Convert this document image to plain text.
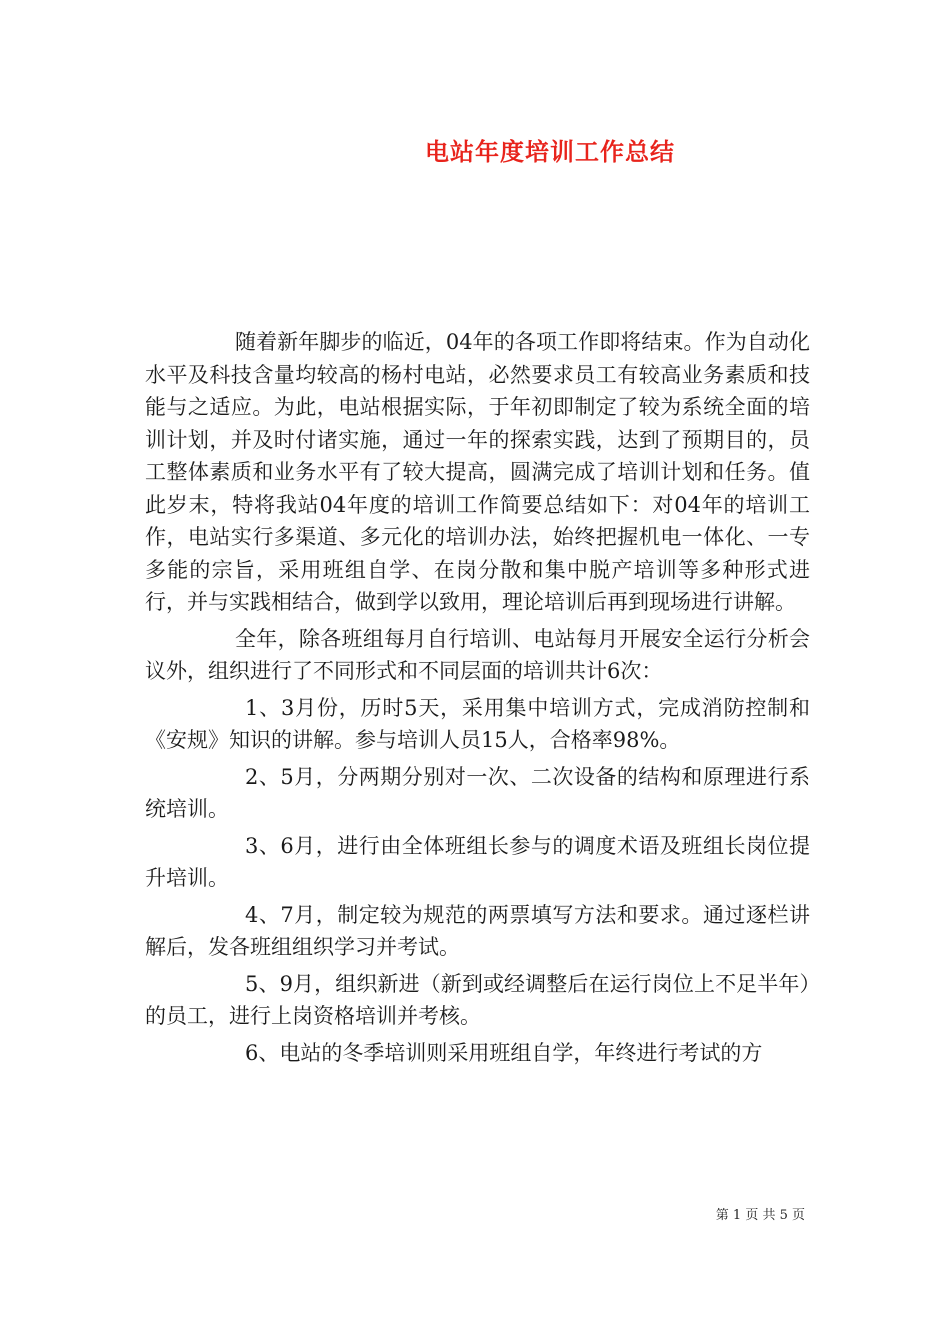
电站年度培训工作总结

随着新年脚步的临近，04年的各项工作即将结束。作为自动化水平及科技含量均较高的杨村电站，必然要求员工有较高业务素质和技能与之适应。为此，电站根据实际，于年初即制定了较为系统全面的培训计划，并及时付诸实施，通过一年的探索实践，达到了预期目的，员工整体素质和业务水平有了较大提高，圆满完成了培训计划和任务。值此岁末，特将我站04年度的培训工作简要总结如下：对04年的培训工作，电站实行多渠道、多元化的培训办法，始终把握机电一体化、一专多能的宗旨，采用班组自学、在岗分散和集中脱产培训等多种形式进行，并与实践相结合，做到学以致用，理论培训后再到现场进行讲解。

全年，除各班组每月自行培训、电站每月开展安全运行分析会议外，组织进行了不同形式和不同层面的培训共计6次：

1、3月份，历时5天，采用集中培训方式，完成消防控制和《安规》知识的讲解。参与培训人员15人，合格率98%。

2、5月，分两期分别对一次、二次设备的结构和原理进行系统培训。

3、6月，进行由全体班组长参与的调度术语及班组长岗位提升培训。

4、7月，制定较为规范的两票填写方法和要求。通过逐栏讲解后，发各班组组织学习并考试。

5、9月，组织新进（新到或经调整后在运行岗位上不足半年）的员工，进行上岗资格培训并考核。

6、电站的冬季培训则采用班组自学，年终进行考试的方

第 1 页 共 5 页
